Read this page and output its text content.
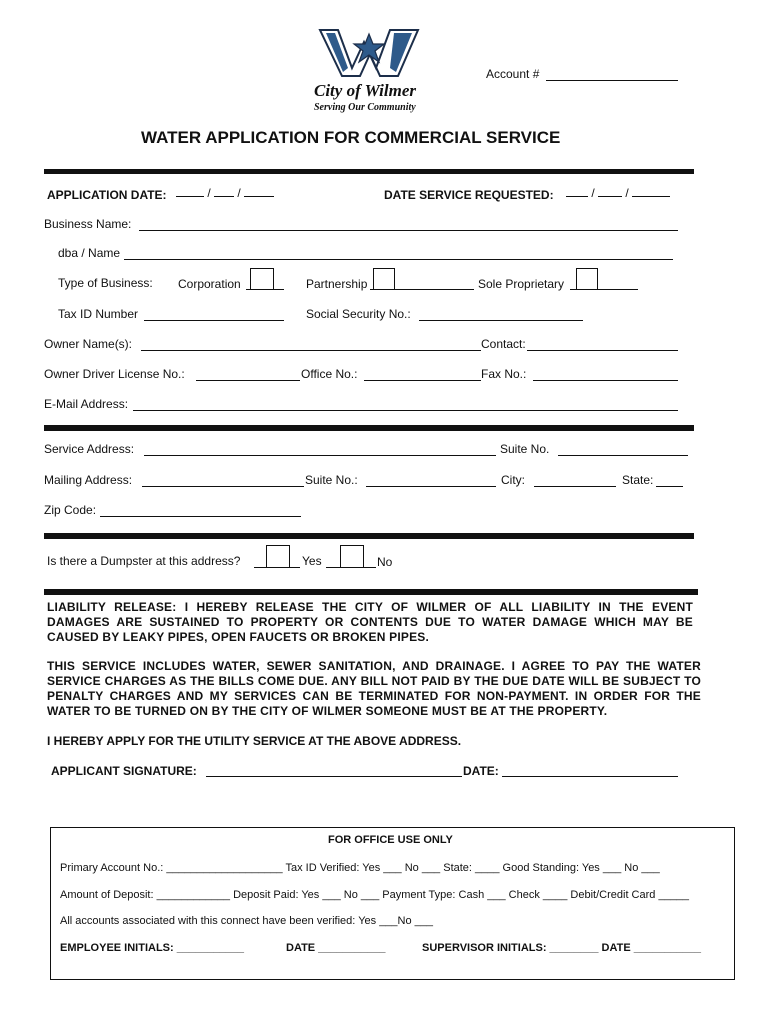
City of Wilmer
Serving Our Community
Account #
WATER APPLICATION FOR COMMERCIAL SERVICE
APPLICATION DATE:	/  /	DATE SERVICE REQUESTED:	/  /
Business Name:
dba / Name
Type of Business: Corporation	Partnership	Sole Proprietary
Tax ID Number	Social Security No.:
Owner Name(s):	Contact:
Owner Driver License No.:	Office No.:	Fax No.:
E-Mail Address:
Service Address:	Suite No.
Mailing Address:	Suite No.:	City:	State:
Zip Code:
Is there a Dumpster at this address?	Yes	No
LIABILITY RELEASE: I HEREBY RELEASE THE CITY OF WILMER OF ALL LIABILITY IN THE EVENT DAMAGES ARE SUSTAINED TO PROPERTY OR CONTENTS DUE TO WATER DAMAGE WHICH MAY BE CAUSED BY LEAKY PIPES, OPEN FAUCETS OR BROKEN PIPES.
THIS SERVICE INCLUDES WATER, SEWER SANITATION, AND DRAINAGE. I AGREE TO PAY THE WATER SERVICE CHARGES AS THE BILLS COME DUE. ANY BILL NOT PAID BY THE DUE DATE WILL BE SUBJECT TO PENALTY CHARGES AND MY SERVICES CAN BE TERMINATED FOR NON-PAYMENT. IN ORDER FOR THE WATER TO BE TURNED ON BY THE CITY OF WILMER SOMEONE MUST BE AT THE PROPERTY.
I HEREBY APPLY FOR THE UTILITY SERVICE AT THE ABOVE ADDRESS.
APPLICANT SIGNATURE:	DATE:
FOR OFFICE USE ONLY
Primary Account No.: ___________________ Tax ID Verified: Yes ___ No ___ State: ____ Good Standing: Yes ___ No ___
Amount of Deposit: ____________ Deposit Paid: Yes ___ No ___ Payment Type: Cash ___ Check ____ Debit/Credit Card _____
All accounts associated with this connect have been verified: Yes ___No ___
EMPLOYEE INITIALS: ___________	DATE ___________	SUPERVISOR INITIALS: ________ DATE ___________
